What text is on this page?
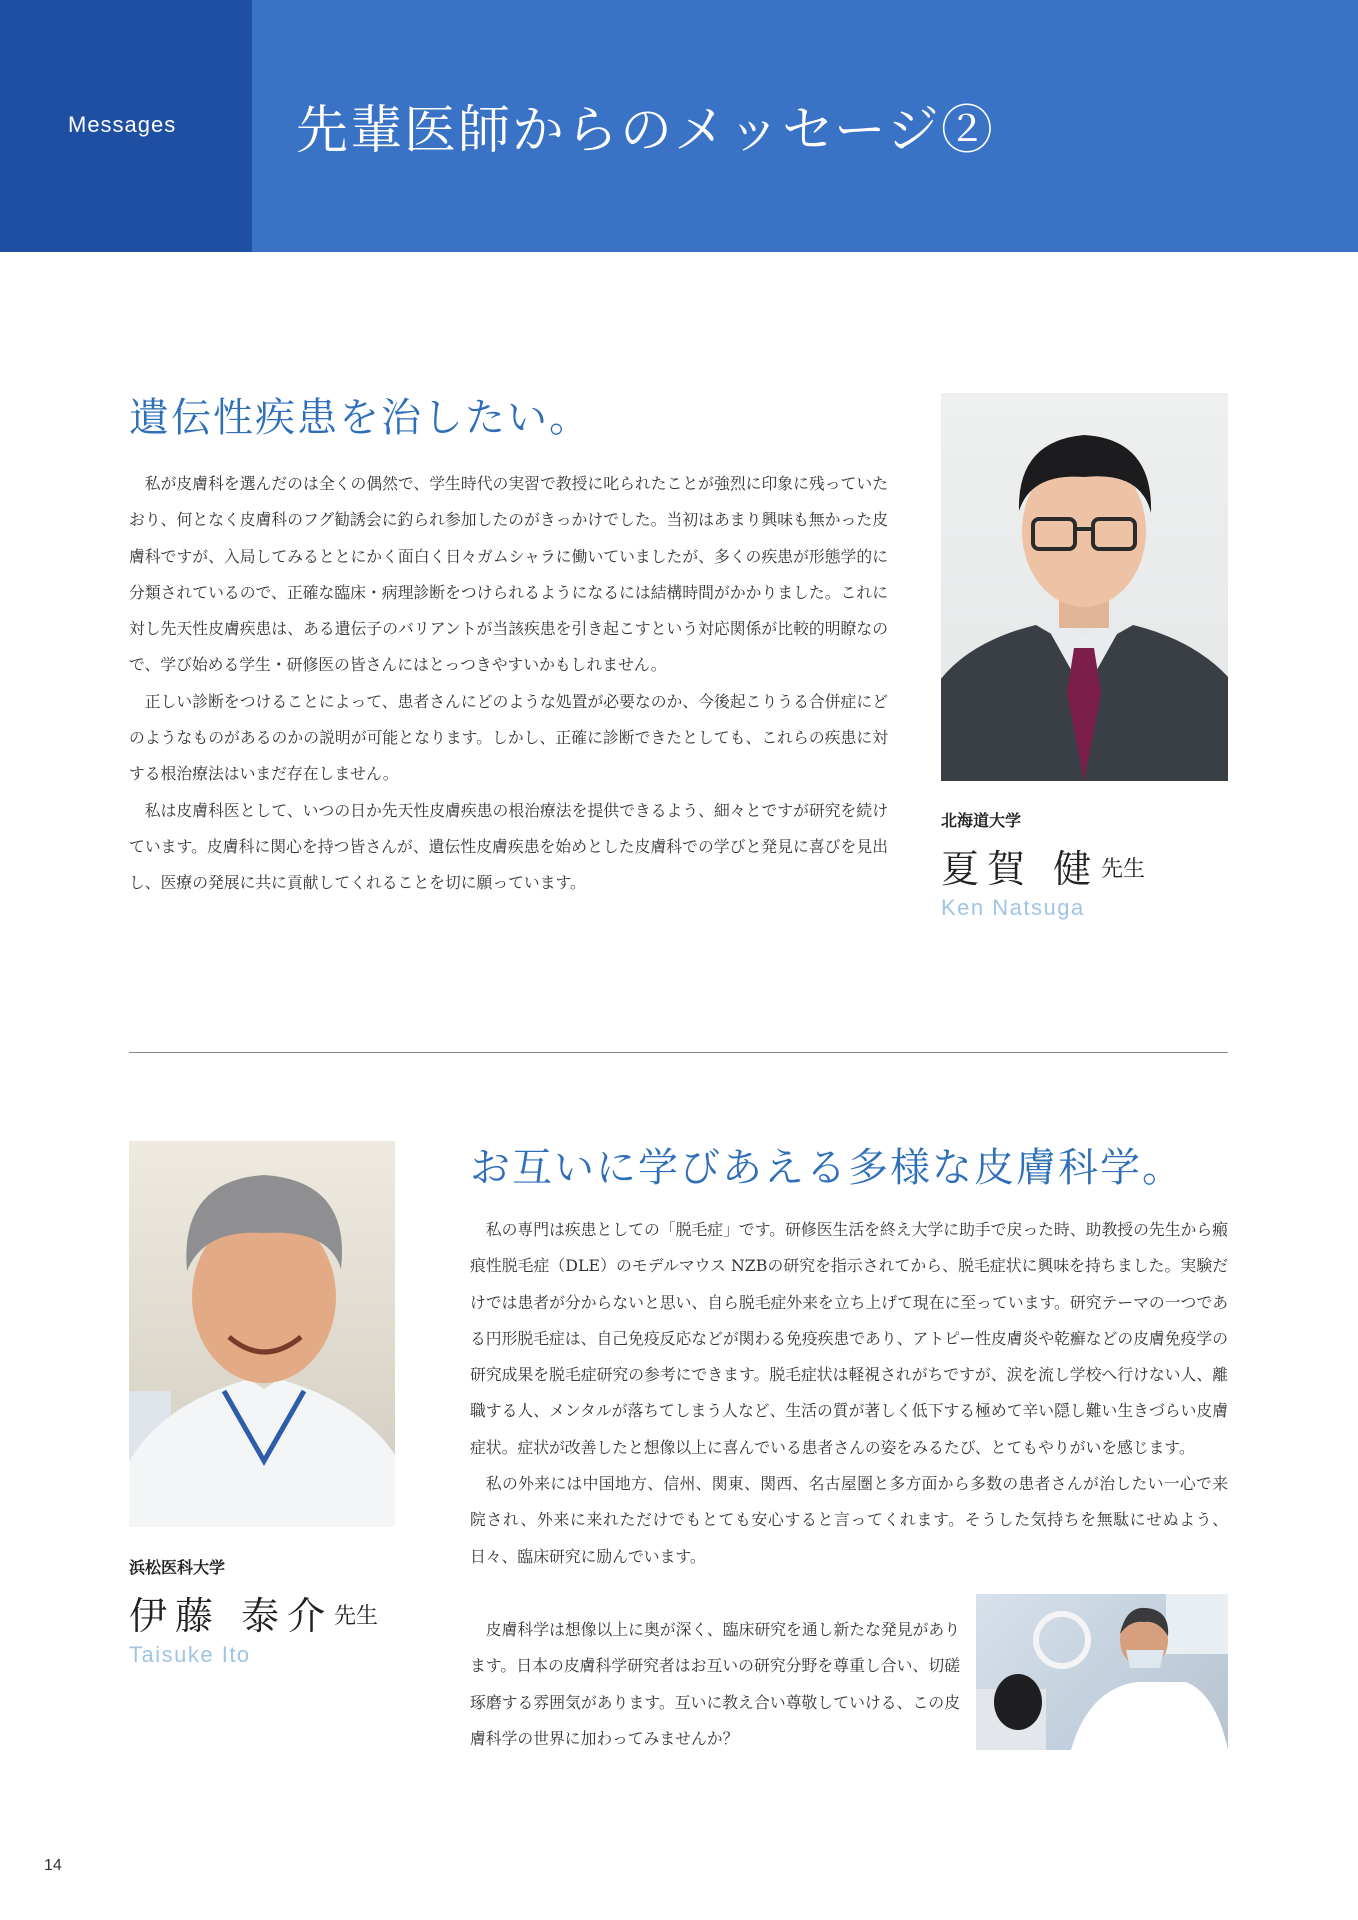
Messages 先輩医師からのメッセージ②
遺伝性疾患を治したい。

私が皮膚科を選んだのは全くの偶然で、学生時代の実習で教授に叱られたことが強烈に印象に残っていたおり、何となく皮膚科のフグ勧誘会に釣られ参加したのがきっかけでした。当初はあまり興味も無かった皮膚科ですが、入局してみるととにかく面白く日々ガムシャラに働いていましたが、多くの疾患が形態学的に分類されているので、正確な臨床・病理診断をつけられるようになるには結構時間がかかりました。これに対し先天性皮膚疾患は、ある遺伝子のバリアントが当該疾患を引き起こすという対応関係が比較的明瞭なので、学び始める学生・研修医の皆さんにはとっつきやすいかもしれません。

正しい診断をつけることによって、患者さんにどのような処置が必要なのか、今後起こりうる合併症にどのようなものがあるのかの説明が可能となります。しかし、正確に診断できたとしても、これらの疾患に対する根治療法はいまだ存在しません。

私は皮膚科医として、いつの日か先天性皮膚疾患の根治療法を提供できるよう、細々とですが研究を続けています。皮膚科に関心を持つ皆さんが、遺伝性皮膚疾患を始めとした皮膚科での学びと発見に喜びを見出し、医療の発展に共に貢献してくれることを切に願っています。

北海道大学
夏賀 健 先生
Ken Natsuga
浜松医科大学
伊藤 泰介 先生
Taisuke Ito
お互いに学びあえる多様な皮膚科学。

私の専門は疾患としての「脱毛症」です。研修医生活を終え大学に助手で戻った時、助教授の先生から瘢痕性脱毛症（DLE）のモデルマウス NZBの研究を指示されてから、脱毛症状に興味を持ちました。実験だけでは患者が分からないと思い、自ら脱毛症外来を立ち上げて現在に至っています。研究テーマの一つである円形脱毛症は、自己免疫反応などが関わる免疫疾患であり、アトピー性皮膚炎や乾癬などの皮膚免疫学の研究成果を脱毛症研究の参考にできます。脱毛症状は軽視されがちですが、涙を流し学校へ行けない人、離職する人、メンタルが落ちてしまう人など、生活の質が著しく低下する極めて辛い隠し難い生きづらい皮膚症状。症状が改善したと想像以上に喜んでいる患者さんの姿をみるたび、とてもやりがいを感じます。

私の外来には中国地方、信州、関東、関西、名古屋圏と多方面から多数の患者さんが治したい一心で来院され、外来に来れただけでもとても安心すると言ってくれます。そうした気持ちを無駄にせぬよう、日々、臨床研究に励んでいます。

皮膚科学は想像以上に奥が深く、臨床研究を通し新たな発見があります。日本の皮膚科学研究者はお互いの研究分野を尊重し合い、切磋琢磨する雰囲気があります。互いに教え合い尊敬していける、この皮膚科学の世界に加わってみませんか？

14
